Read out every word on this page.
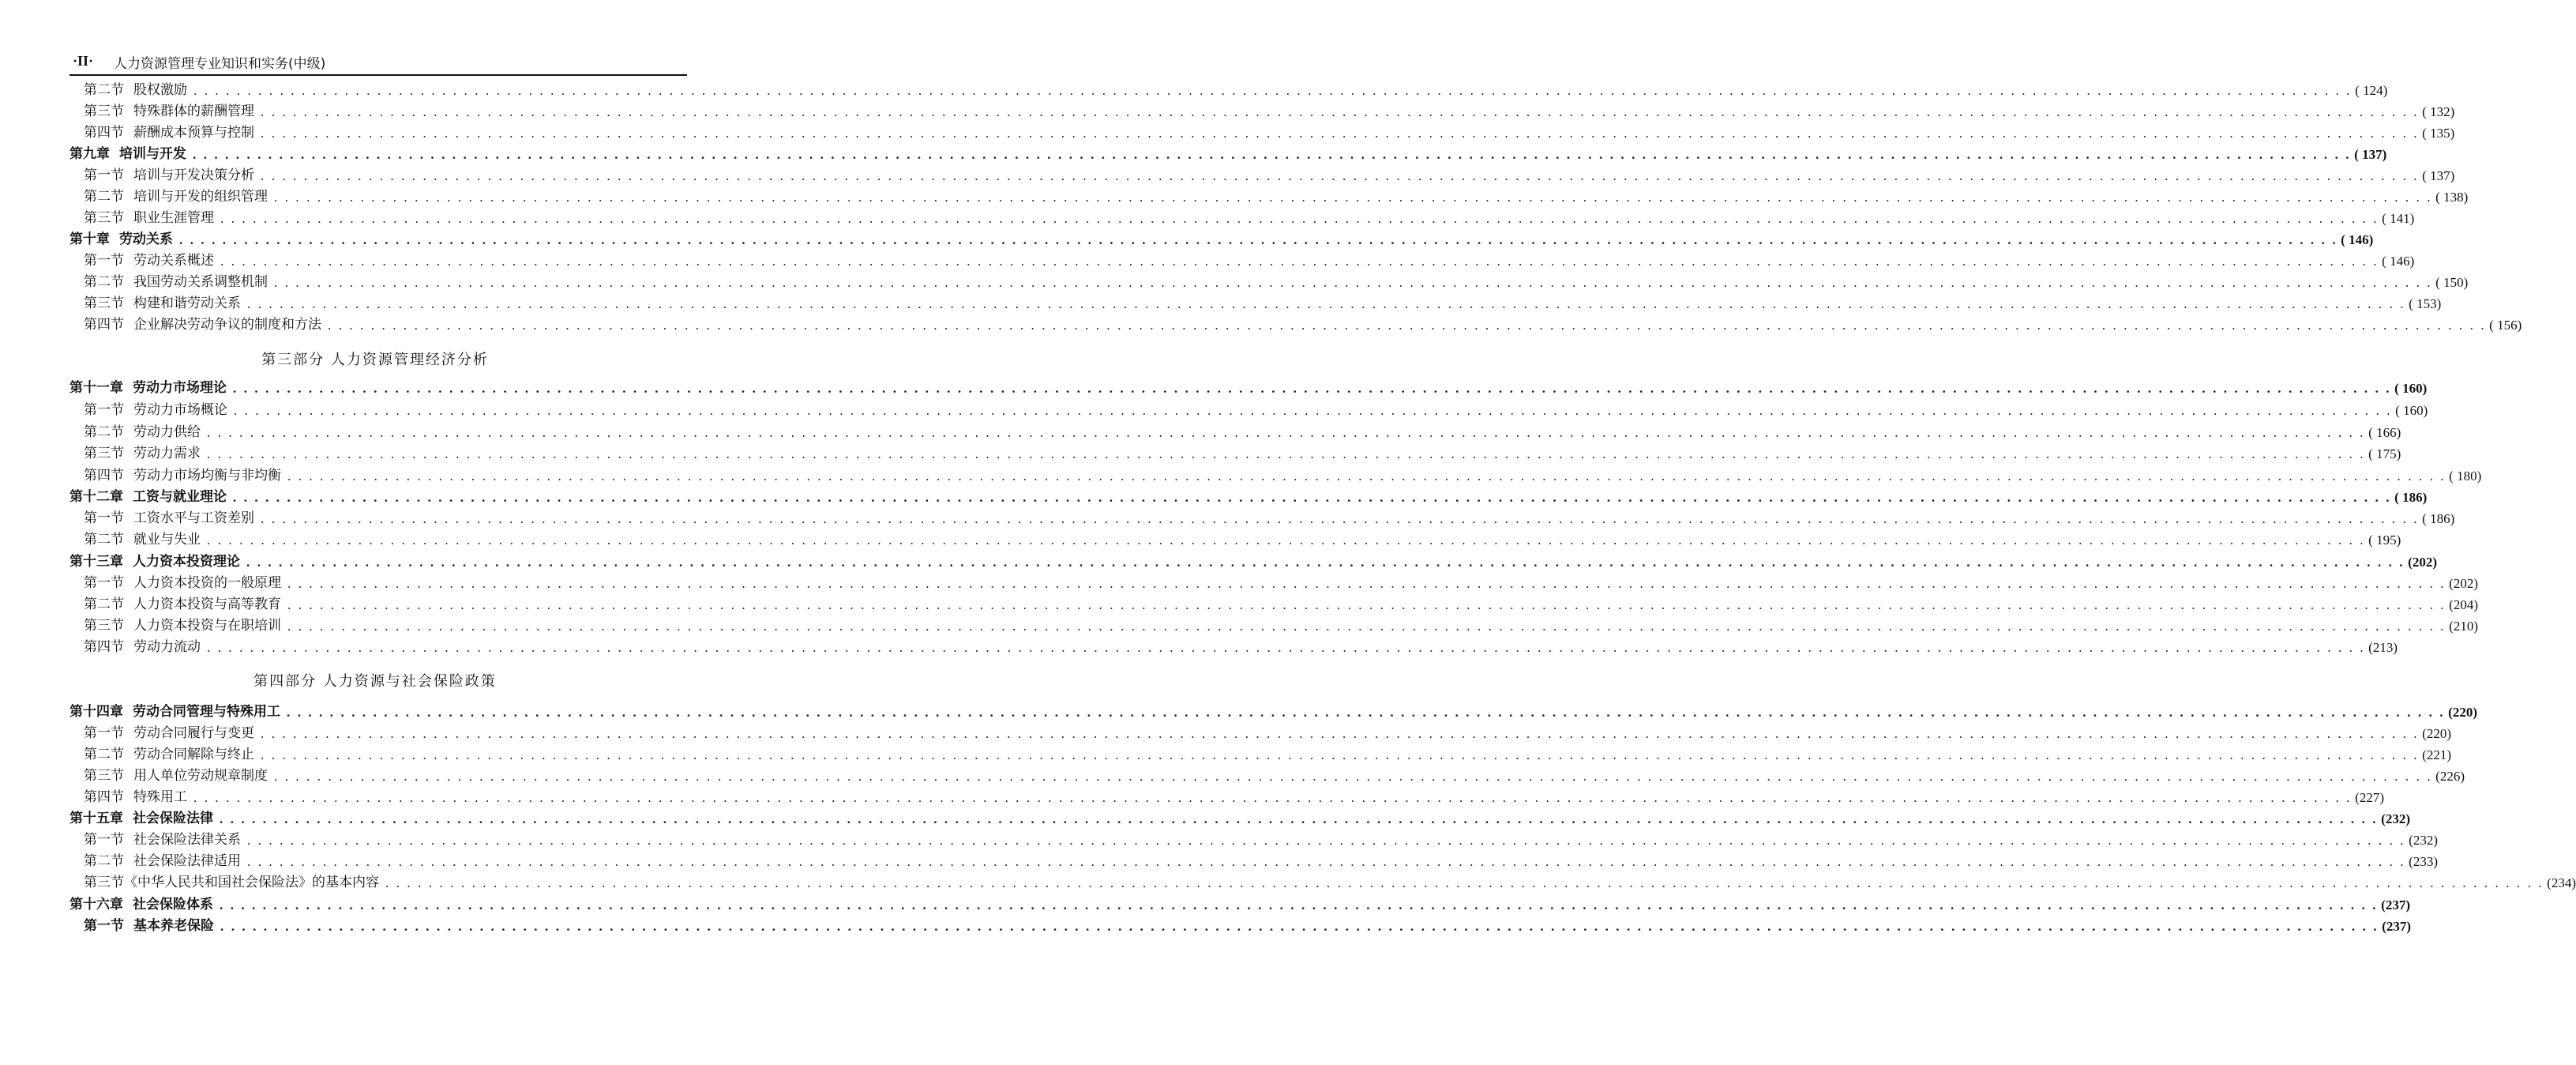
·II· 人力资源管理专业知识和实务(中级)
第二节 股权激励 . . . . . . . . . . . . . . . . . . . . . . . . . . . . . . . . . . . . . . . . . . . . . . . . . . . . . . . . . . . . . . . . . . . . . . . . . . . . . . . . . . . . . . . . . . . . . . . . . . . . . . . . . . . . . . . . . . . . . . . . . . . . . . . . . . . . . . . . . . . . . . . . . . . . . . . . . . . . . . . . . . . . . . . . . . . . . . . . . . . . . . . . . . . . . . . . . . . . . . . . ( 124)
第三节 特殊群体的薪酬管理 . . . . . . . . . . . . . . . . . . . . . . . . . . . . . . . . . . . . . . . . . . . . . . . . . . . . . . . . . . . . . . . . . . . . . . . . . . . . . . . . . . . . . . . . . . . . . . . . . . . . . . . . . . . . . . . . . . . . . . . . . . . . . . . . . . . . . . . . . . . . . . . . . . . . . . . . . . . . . . . . . . . . . . . . . . . . . . . . . . . . . . . . . . . . . . . . . . . . . . . . ( 132)
第四节 薪酬成本预算与控制 . . . . . . . . . . . . . . . . . . . . . . . . . . . . . . . . . . . . . . . . . . . . . . . . . . . . . . . . . . . . . . . . . . . . . . . . . . . . . . . . . . . . . . . . . . . . . . . . . . . . . . . . . . . . . . . . . . . . . . . . . . . . . . . . . . . . . . . . . . . . . . . . . . . . . . . . . . . . . . . . . . . . . . . . . . . . . . . . . . . . . . . . . . . . . . . . . . . . . . . . ( 135)
第九章 培训与开发 . . . . . . . . . . . . . . . . . . . . . . . . . . . . . . . . . . . . . . . . . . . . . . . . . . . . . . . . . . . . . . . . . . . . . . . . . . . . . . . . . . . . . . . . . . . . . . . . . . . . . . . . . . . . . . . . . . . . . . . . . . . . . . . . . . . . . . . . . . . . . . . . . . . . . . . . . . . . . . . . . . . . . . . . . . . . . . . . . . . . . . . . . . . . . . . . . . . . . . . . ( 137)
第一节 培训与开发决策分析 . . . . . . . . . . . . . . . . . . . . . . . . . . . . . . . . . . . . . . . . . . . . . . . . . . . . . . . . . . . . . . . . . . . . . . . . . . . . . . . . . . . . . . . . . . . . . . . . . . . . . . . . . . . . . . . . . . . . . . . . . . . . . . . . . . . . . . . . . . . . . . . . . . . . . . . . . . . . . . . . . . . . . . . . . . . . . . . . . . . . . . . . . . . . . . . . . . . . . . . . ( 137)
第二节 培训与开发的组织管理 . . . . . . . . . . . . . . . . . . . . . . . . . . . . . . . . . . . . . . . . . . . . . . . . . . . . . . . . . . . . . . . . . . . . . . . . . . . . . . . . . . . . . . . . . . . . . . . . . . . . . . . . . . . . . . . . . . . . . . . . . . . . . . . . . . . . . . . . . . . . . . . . . . . . . . . . . . . . . . . . . . . . . . . . . . . . . . . . . . . . . . . . . . . . . . . . . . . . . . . . ( 138)
第三节 职业生涯管理 . . . . . . . . . . . . . . . . . . . . . . . . . . . . . . . . . . . . . . . . . . . . . . . . . . . . . . . . . . . . . . . . . . . . . . . . . . . . . . . . . . . . . . . . . . . . . . . . . . . . . . . . . . . . . . . . . . . . . . . . . . . . . . . . . . . . . . . . . . . . . . . . . . . . . . . . . . . . . . . . . . . . . . . . . . . . . . . . . . . . . . . . . . . . . . . . . . . . . . . . ( 141)
第十章 劳动关系 . . . . . . . . . . . . . . . . . . . . . . . . . . . . . . . . . . . . . . . . . . . . . . . . . . . . . . . . . . . . . . . . . . . . . . . . . . . . . . . . . . . . . . . . . . . . . . . . . . . . . . . . . . . . . . . . . . . . . . . . . . . . . . . . . . . . . . . . . . . . . . . . . . . . . . . . . . . . . . . . . . . . . . . . . . . . . . . . . . . . . . . . . . . . . . . . . . . . . . . . ( 146)
第一节 劳动关系概述 . . . . . . . . . . . . . . . . . . . . . . . . . . . . . . . . . . . . . . . . . . . . . . . . . . . . . . . . . . . . . . . . . . . . . . . . . . . . . . . . . . . . . . . . . . . . . . . . . . . . . . . . . . . . . . . . . . . . . . . . . . . . . . . . . . . . . . . . . . . . . . . . . . . . . . . . . . . . . . . . . . . . . . . . . . . . . . . . . . . . . . . . . . . . . . . . . . . . . . . . ( 146)
第二节 我国劳动关系调整机制 . . . . . . . . . . . . . . . . . . . . . . . . . . . . . . . . . . . . . . . . . . . . . . . . . . . . . . . . . . . . . . . . . . . . . . . . . . . . . . . . . . . . . . . . . . . . . . . . . . . . . . . . . . . . . . . . . . . . . . . . . . . . . . . . . . . . . . . . . . . . . . . . . . . . . . . . . . . . . . . . . . . . . . . . . . . . . . . . . . . . . . . . . . . . . . . . . . . . . . . . ( 150)
第三节 构建和谐劳动关系 . . . . . . . . . . . . . . . . . . . . . . . . . . . . . . . . . . . . . . . . . . . . . . . . . . . . . . . . . . . . . . . . . . . . . . . . . . . . . . . . . . . . . . . . . . . . . . . . . . . . . . . . . . . . . . . . . . . . . . . . . . . . . . . . . . . . . . . . . . . . . . . . . . . . . . . . . . . . . . . . . . . . . . . . . . . . . . . . . . . . . . . . . . . . . . . . . . . . . . . . ( 153)
第四节 企业解决劳动争议的制度和方法 . . . . . . . . . . . . . . . . . . . . . . . . . . . . . . . . . . . . . . . . . . . . . . . . . . . . . . . . . . . . . . . . . . . . . . . . . . . . . . . . . . . . . . . . . . . . . . . . . . . . . . . . . . . . . . . . . . . . . . . . . . . . . . . . . . . . . . . . . . . . . . . . . . . . . . . . . . . . . . . . . . . . . . . . . . . . . . . . . . . . . . . . . . . . . . . . . . . . . . . . ( 156)
第三部分 人力资源管理经济分析
第十一章 劳动力市场理论 . . . . . . . . . . . . . . . . . . . . . . . . . . . . . . . . . . . . . . . . . . . . . . . . . . . . . . . . . . . . . . . . . . . . . . . . . . . . . . . . . . . . . . . . . . . . . . . . . . . . . . . . . . . . . . . . . . . . . . . . . . . . . . . . . . . . . . . . . . . . . . . . . . . . . . . . . . . . . . . . . . . . . . . . . . . . . . . . . . . . . . . . . . . . . . . . . . . . . . . . ( 160)
第一节 劳动力市场概论 . . . . . . . . . . . . . . . . . . . . . . . . . . . . . . . . . . . . . . . . . . . . . . . . . . . . . . . . . . . . . . . . . . . . . . . . . . . . . . . . . . . . . . . . . . . . . . . . . . . . . . . . . . . . . . . . . . . . . . . . . . . . . . . . . . . . . . . . . . . . . . . . . . . . . . . . . . . . . . . . . . . . . . . . . . . . . . . . . . . . . . . . . . . . . . . . . . . . . . . . ( 160)
第二节 劳动力供给 . . . . . . . . . . . . . . . . . . . . . . . . . . . . . . . . . . . . . . . . . . . . . . . . . . . . . . . . . . . . . . . . . . . . . . . . . . . . . . . . . . . . . . . . . . . . . . . . . . . . . . . . . . . . . . . . . . . . . . . . . . . . . . . . . . . . . . . . . . . . . . . . . . . . . . . . . . . . . . . . . . . . . . . . . . . . . . . . . . . . . . . . . . . . . . . . . . . . . . . . ( 166)
第三节 劳动力需求 . . . . . . . . . . . . . . . . . . . . . . . . . . . . . . . . . . . . . . . . . . . . . . . . . . . . . . . . . . . . . . . . . . . . . . . . . . . . . . . . . . . . . . . . . . . . . . . . . . . . . . . . . . . . . . . . . . . . . . . . . . . . . . . . . . . . . . . . . . . . . . . . . . . . . . . . . . . . . . . . . . . . . . . . . . . . . . . . . . . . . . . . . . . . . . . . . . . . . . . . ( 175)
第四节 劳动力市场均衡与非均衡 . . . . . . . . . . . . . . . . . . . . . . . . . . . . . . . . . . . . . . . . . . . . . . . . . . . . . . . . . . . . . . . . . . . . . . . . . . . . . . . . . . . . . . . . . . . . . . . . . . . . . . . . . . . . . . . . . . . . . . . . . . . . . . . . . . . . . . . . . . . . . . . . . . . . . . . . . . . . . . . . . . . . . . . . . . . . . . . . . . . . . . . . . . . . . . . . . . . . . . . . ( 180)
第十二章 工资与就业理论 . . . . . . . . . . . . . . . . . . . . . . . . . . . . . . . . . . . . . . . . . . . . . . . . . . . . . . . . . . . . . . . . . . . . . . . . . . . . . . . . . . . . . . . . . . . . . . . . . . . . . . . . . . . . . . . . . . . . . . . . . . . . . . . . . . . . . . . . . . . . . . . . . . . . . . . . . . . . . . . . . . . . . . . . . . . . . . . . . . . . . . . . . . . . . . . . . . . . . . . . ( 186)
第一节 工资水平与工资差别 . . . . . . . . . . . . . . . . . . . . . . . . . . . . . . . . . . . . . . . . . . . . . . . . . . . . . . . . . . . . . . . . . . . . . . . . . . . . . . . . . . . . . . . . . . . . . . . . . . . . . . . . . . . . . . . . . . . . . . . . . . . . . . . . . . . . . . . . . . . . . . . . . . . . . . . . . . . . . . . . . . . . . . . . . . . . . . . . . . . . . . . . . . . . . . . . . . . . . . . . ( 186)
第二节 就业与失业 . . . . . . . . . . . . . . . . . . . . . . . . . . . . . . . . . . . . . . . . . . . . . . . . . . . . . . . . . . . . . . . . . . . . . . . . . . . . . . . . . . . . . . . . . . . . . . . . . . . . . . . . . . . . . . . . . . . . . . . . . . . . . . . . . . . . . . . . . . . . . . . . . . . . . . . . . . . . . . . . . . . . . . . . . . . . . . . . . . . . . . . . . . . . . . . . . . . . . . . . ( 195)
第十三章 人力资本投资理论 . . . . . . . . . . . . . . . . . . . . . . . . . . . . . . . . . . . . . . . . . . . . . . . . . . . . . . . . . . . . . . . . . . . . . . . . . . . . . . . . . . . . . . . . . . . . . . . . . . . . . . . . . . . . . . . . . . . . . . . . . . . . . . . . . . . . . . . . . . . . . . . . . . . . . . . . . . . . . . . . . . . . . . . . . . . . . . . . . . . . . . . . . . . . . . . . . . . . . . . . (202)
第一节 人力资本投资的一般原理 . . . . . . . . . . . . . . . . . . . . . . . . . . . . . . . . . . . . . . . . . . . . . . . . . . . . . . . . . . . . . . . . . . . . . . . . . . . . . . . . . . . . . . . . . . . . . . . . . . . . . . . . . . . . . . . . . . . . . . . . . . . . . . . . . . . . . . . . . . . . . . . . . . . . . . . . . . . . . . . . . . . . . . . . . . . . . . . . . . . . . . . . . . . . . . . . . . . . . . . . (202)
第二节 人力资本投资与高等教育 . . . . . . . . . . . . . . . . . . . . . . . . . . . . . . . . . . . . . . . . . . . . . . . . . . . . . . . . . . . . . . . . . . . . . . . . . . . . . . . . . . . . . . . . . . . . . . . . . . . . . . . . . . . . . . . . . . . . . . . . . . . . . . . . . . . . . . . . . . . . . . . . . . . . . . . . . . . . . . . . . . . . . . . . . . . . . . . . . . . . . . . . . . . . . . . . . . . . . . . . (204)
第三节 人力资本投资与在职培训 . . . . . . . . . . . . . . . . . . . . . . . . . . . . . . . . . . . . . . . . . . . . . . . . . . . . . . . . . . . . . . . . . . . . . . . . . . . . . . . . . . . . . . . . . . . . . . . . . . . . . . . . . . . . . . . . . . . . . . . . . . . . . . . . . . . . . . . . . . . . . . . . . . . . . . . . . . . . . . . . . . . . . . . . . . . . . . . . . . . . . . . . . . . . . . . . . . . . . . . . (210)
第四节 劳动力流动 . . . . . . . . . . . . . . . . . . . . . . . . . . . . . . . . . . . . . . . . . . . . . . . . . . . . . . . . . . . . . . . . . . . . . . . . . . . . . . . . . . . . . . . . . . . . . . . . . . . . . . . . . . . . . . . . . . . . . . . . . . . . . . . . . . . . . . . . . . . . . . . . . . . . . . . . . . . . . . . . . . . . . . . . . . . . . . . . . . . . . . . . . . . . . . . . . . . . . . . . (213)
第四部分 人力资源与社会保险政策
第十四章 劳动合同管理与特殊用工 . . . . . . . . . . . . . . . . . . . . . . . . . . . . . . . . . . . . . . . . . . . . . . . . . . . . . . . . . . . . . . . . . . . . . . . . . . . . . . . . . . . . . . . . . . . . . . . . . . . . . . . . . . . . . . . . . . . . . . . . . . . . . . . . . . . . . . . . . . . . . . . . . . . . . . . . . . . . . . . . . . . . . . . . . . . . . . . . . . . . . . . . . . . . . . . . . . . . . . . . (220)
第一节 劳动合同履行与变更 . . . . . . . . . . . . . . . . . . . . . . . . . . . . . . . . . . . . . . . . . . . . . . . . . . . . . . . . . . . . . . . . . . . . . . . . . . . . . . . . . . . . . . . . . . . . . . . . . . . . . . . . . . . . . . . . . . . . . . . . . . . . . . . . . . . . . . . . . . . . . . . . . . . . . . . . . . . . . . . . . . . . . . . . . . . . . . . . . . . . . . . . . . . . . . . . . . . . . . . . (220)
第二节 劳动合同解除与终止 . . . . . . . . . . . . . . . . . . . . . . . . . . . . . . . . . . . . . . . . . . . . . . . . . . . . . . . . . . . . . . . . . . . . . . . . . . . . . . . . . . . . . . . . . . . . . . . . . . . . . . . . . . . . . . . . . . . . . . . . . . . . . . . . . . . . . . . . . . . . . . . . . . . . . . . . . . . . . . . . . . . . . . . . . . . . . . . . . . . . . . . . . . . . . . . . . . . . . . . . (221)
第三节 用人单位劳动规章制度 . . . . . . . . . . . . . . . . . . . . . . . . . . . . . . . . . . . . . . . . . . . . . . . . . . . . . . . . . . . . . . . . . . . . . . . . . . . . . . . . . . . . . . . . . . . . . . . . . . . . . . . . . . . . . . . . . . . . . . . . . . . . . . . . . . . . . . . . . . . . . . . . . . . . . . . . . . . . . . . . . . . . . . . . . . . . . . . . . . . . . . . . . . . . . . . . . . . . . . . . (226)
第四节 特殊用工 . . . . . . . . . . . . . . . . . . . . . . . . . . . . . . . . . . . . . . . . . . . . . . . . . . . . . . . . . . . . . . . . . . . . . . . . . . . . . . . . . . . . . . . . . . . . . . . . . . . . . . . . . . . . . . . . . . . . . . . . . . . . . . . . . . . . . . . . . . . . . . . . . . . . . . . . . . . . . . . . . . . . . . . . . . . . . . . . . . . . . . . . . . . . . . . . . . . . . . . . (227)
第十五章 社会保险法律 . . . . . . . . . . . . . . . . . . . . . . . . . . . . . . . . . . . . . . . . . . . . . . . . . . . . . . . . . . . . . . . . . . . . . . . . . . . . . . . . . . . . . . . . . . . . . . . . . . . . . . . . . . . . . . . . . . . . . . . . . . . . . . . . . . . . . . . . . . . . . . . . . . . . . . . . . . . . . . . . . . . . . . . . . . . . . . . . . . . . . . . . . . . . . . . . . . . . . . . . (232)
第一节 社会保险法律关系 . . . . . . . . . . . . . . . . . . . . . . . . . . . . . . . . . . . . . . . . . . . . . . . . . . . . . . . . . . . . . . . . . . . . . . . . . . . . . . . . . . . . . . . . . . . . . . . . . . . . . . . . . . . . . . . . . . . . . . . . . . . . . . . . . . . . . . . . . . . . . . . . . . . . . . . . . . . . . . . . . . . . . . . . . . . . . . . . . . . . . . . . . . . . . . . . . . . . . . . . (232)
第二节 社会保险法律适用 . . . . . . . . . . . . . . . . . . . . . . . . . . . . . . . . . . . . . . . . . . . . . . . . . . . . . . . . . . . . . . . . . . . . . . . . . . . . . . . . . . . . . . . . . . . . . . . . . . . . . . . . . . . . . . . . . . . . . . . . . . . . . . . . . . . . . . . . . . . . . . . . . . . . . . . . . . . . . . . . . . . . . . . . . . . . . . . . . . . . . . . . . . . . . . . . . . . . . . . . (233)
第三节《中华人民共和国社会保险法》的基本内容 . . . . . . . . . . . . . . . . . . . . . . . . . . . . . . . . . . . . . . . . . . . . . . . . . . . . . . . . . . . . . . . . . . . . . . . . . . . . . . . . . . . . . . . . . . . . . . . . . . . . . . . . . . . . . . . . . . . . . . . . . . . . . . . . . . . . . . . . . . . . . . . . . . . . . . . . . . . . . . . . . . . . . . . . . . . . . . . . . . . . . . . . . . . . . . . . . . . . . . . . (234)
第十六章 社会保险体系 . . . . . . . . . . . . . . . . . . . . . . . . . . . . . . . . . . . . . . . . . . . . . . . . . . . . . . . . . . . . . . . . . . . . . . . . . . . . . . . . . . . . . . . . . . . . . . . . . . . . . . . . . . . . . . . . . . . . . . . . . . . . . . . . . . . . . . . . . . . . . . . . . . . . . . . . . . . . . . . . . . . . . . . . . . . . . . . . . . . . . . . . . . . . . . . . . . . . . . . . (237)
第一节 基本养老保险 . . . . . . . . . . . . . . . . . . . . . . . . . . . . . . . . . . . . . . . . . . . . . . . . . . . . . . . . . . . . . . . . . . . . . . . . . . . . . . . . . . . . . . . . . . . . . . . . . . . . . . . . . . . . . . . . . . . . . . . . . . . . . . . . . . . . . . . . . . . . . . . . . . . . . . . . . . . . . . . . . . . . . . . . . . . . . . . . . . . . . . . . . . . . . . . . . . . . . . . . (237)
